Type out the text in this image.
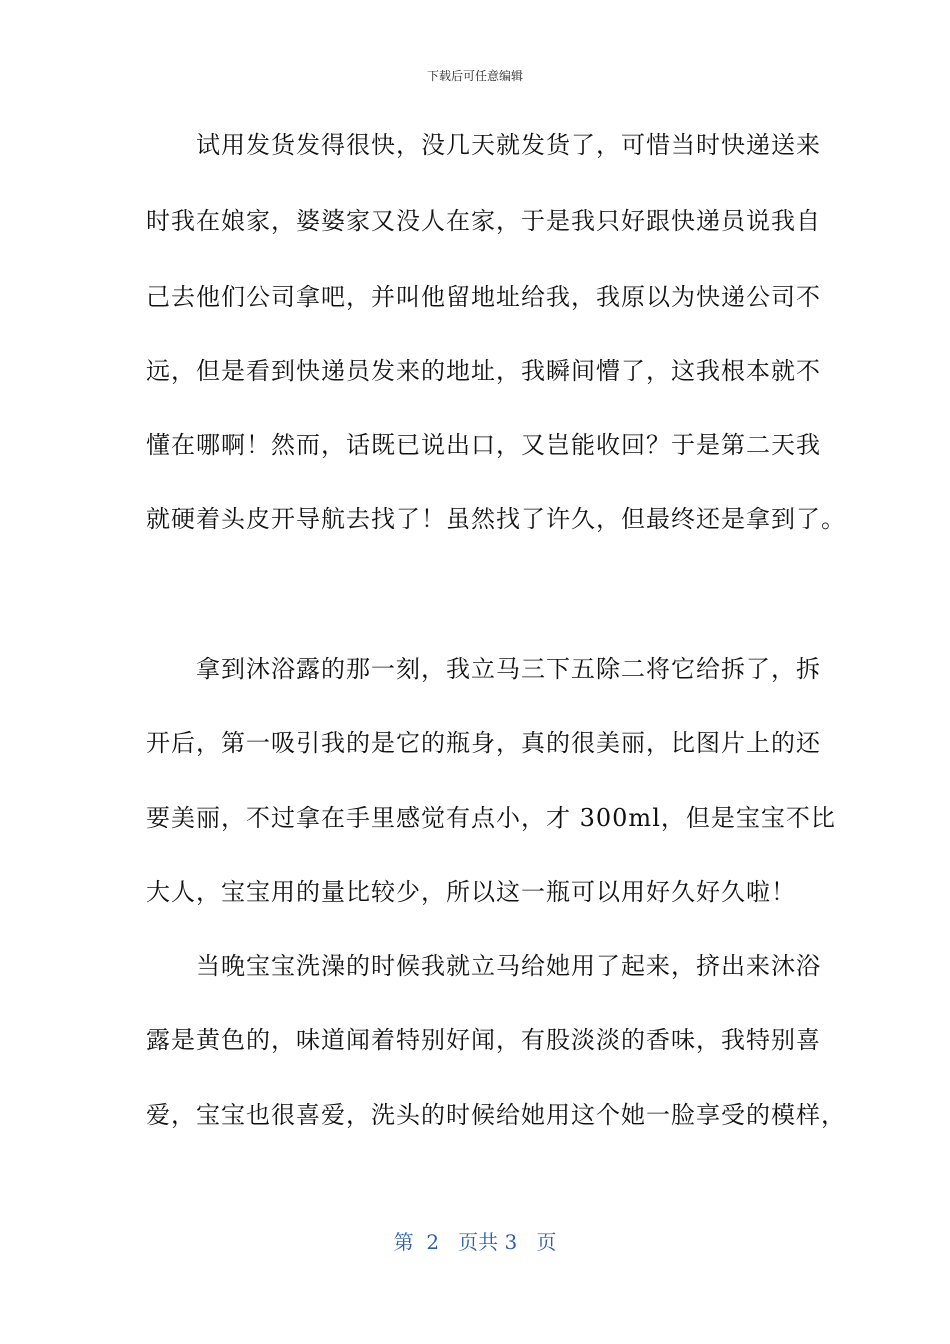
下载后可任意编辑
　　试用发货发得很快，没几天就发货了，可惜当时快递送来
时我在娘家，婆婆家又没人在家，于是我只好跟快递员说我自
己去他们公司拿吧，并叫他留地址给我，我原以为快递公司不
远，但是看到快递员发来的地址，我瞬间懵了，这我根本就不
懂在哪啊！然而，话既已说出口，又岂能收回？于是第二天我
就硬着头皮开导航去找了！虽然找了许久，但最终还是拿到了。
　　拿到沐浴露的那一刻，我立马三下五除二将它给拆了，拆
开后，第一吸引我的是它的瓶身，真的很美丽，比图片上的还
要美丽，不过拿在手里感觉有点小，才 300ml，但是宝宝不比
大人，宝宝用的量比较少，所以这一瓶可以用好久好久啦！
　　当晚宝宝洗澡的时候我就立马给她用了起来，挤出来沐浴
露是黄色的，味道闻着特别好闻，有股淡淡的香味，我特别喜
爱，宝宝也很喜爱，洗头的时候给她用这个她一脸享受的模样，
第  2   页共 3   页
